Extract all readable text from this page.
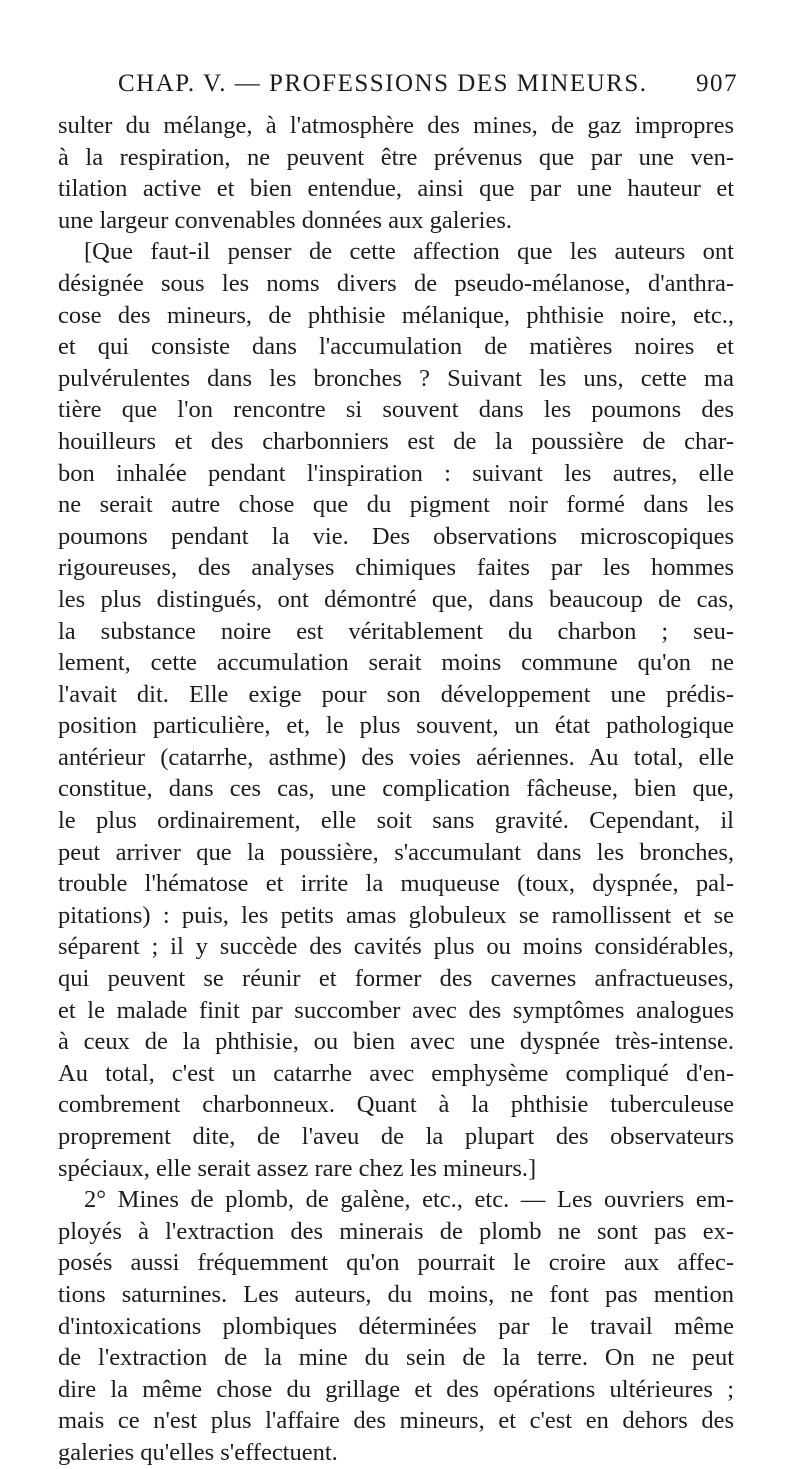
CHAP. V. — PROFESSIONS DES MINEURS. 907
sulter du mélange, à l'atmosphère des mines, de gaz impropres
à la respiration, ne peuvent être prévenus que par une ven-
tilation active et bien entendue, ainsi que par une hauteur et
une largeur convenables données aux galeries.
[Que faut-il penser de cette affection que les auteurs ont
désignée sous les noms divers de pseudo-mélanose, d'anthra-
cose des mineurs, de phthisie mélanique, phthisie noire, etc.,
et qui consiste dans l'accumulation de matières noires et
pulvérulentes dans les bronches ? Suivant les uns, cette ma
tière que l'on rencontre si souvent dans les poumons des
houilleurs et des charbonniers est de la poussière de char-
bon inhalée pendant l'inspiration : suivant les autres, elle
ne serait autre chose que du pigment noir formé dans les
poumons pendant la vie. Des observations microscopiques
rigoureuses, des analyses chimiques faites par les hommes
les plus distingués, ont démontré que, dans beaucoup de cas,
la substance noire est véritablement du charbon ; seu-
lement, cette accumulation serait moins commune qu'on ne
l'avait dit. Elle exige pour son développement une prédis-
position particulière, et, le plus souvent, un état pathologique
antérieur (catarrhe, asthme) des voies aériennes. Au total, elle
constitue, dans ces cas, une complication fâcheuse, bien que,
le plus ordinairement, elle soit sans gravité. Cependant, il
peut arriver que la poussière, s'accumulant dans les bronches,
trouble l'hématose et irrite la muqueuse (toux, dyspnée, pal-
pitations) : puis, les petits amas globuleux se ramollissent et se
séparent ; il y succède des cavités plus ou moins considérables,
qui peuvent se réunir et former des cavernes anfractueuses,
et le malade finit par succomber avec des symptômes analogues
à ceux de la phthisie, ou bien avec une dyspnée très-intense.
Au total, c'est un catarrhe avec emphysème compliqué d'en-
combrement charbonneux. Quant à la phthisie tuberculeuse
proprement dite, de l'aveu de la plupart des observateurs
spéciaux, elle serait assez rare chez les mineurs.]
2° Mines de plomb, de galène, etc., etc. — Les ouvriers em-
ployés à l'extraction des minerais de plomb ne sont pas ex-
posés aussi fréquemment qu'on pourrait le croire aux affec-
tions saturnines. Les auteurs, du moins, ne font pas mention
d'intoxications plombiques déterminées par le travail même
de l'extraction de la mine du sein de la terre. On ne peut
dire la même chose du grillage et des opérations ultérieures ;
mais ce n'est plus l'affaire des mineurs, et c'est en dehors des
galeries qu'elles s'effectuent.
